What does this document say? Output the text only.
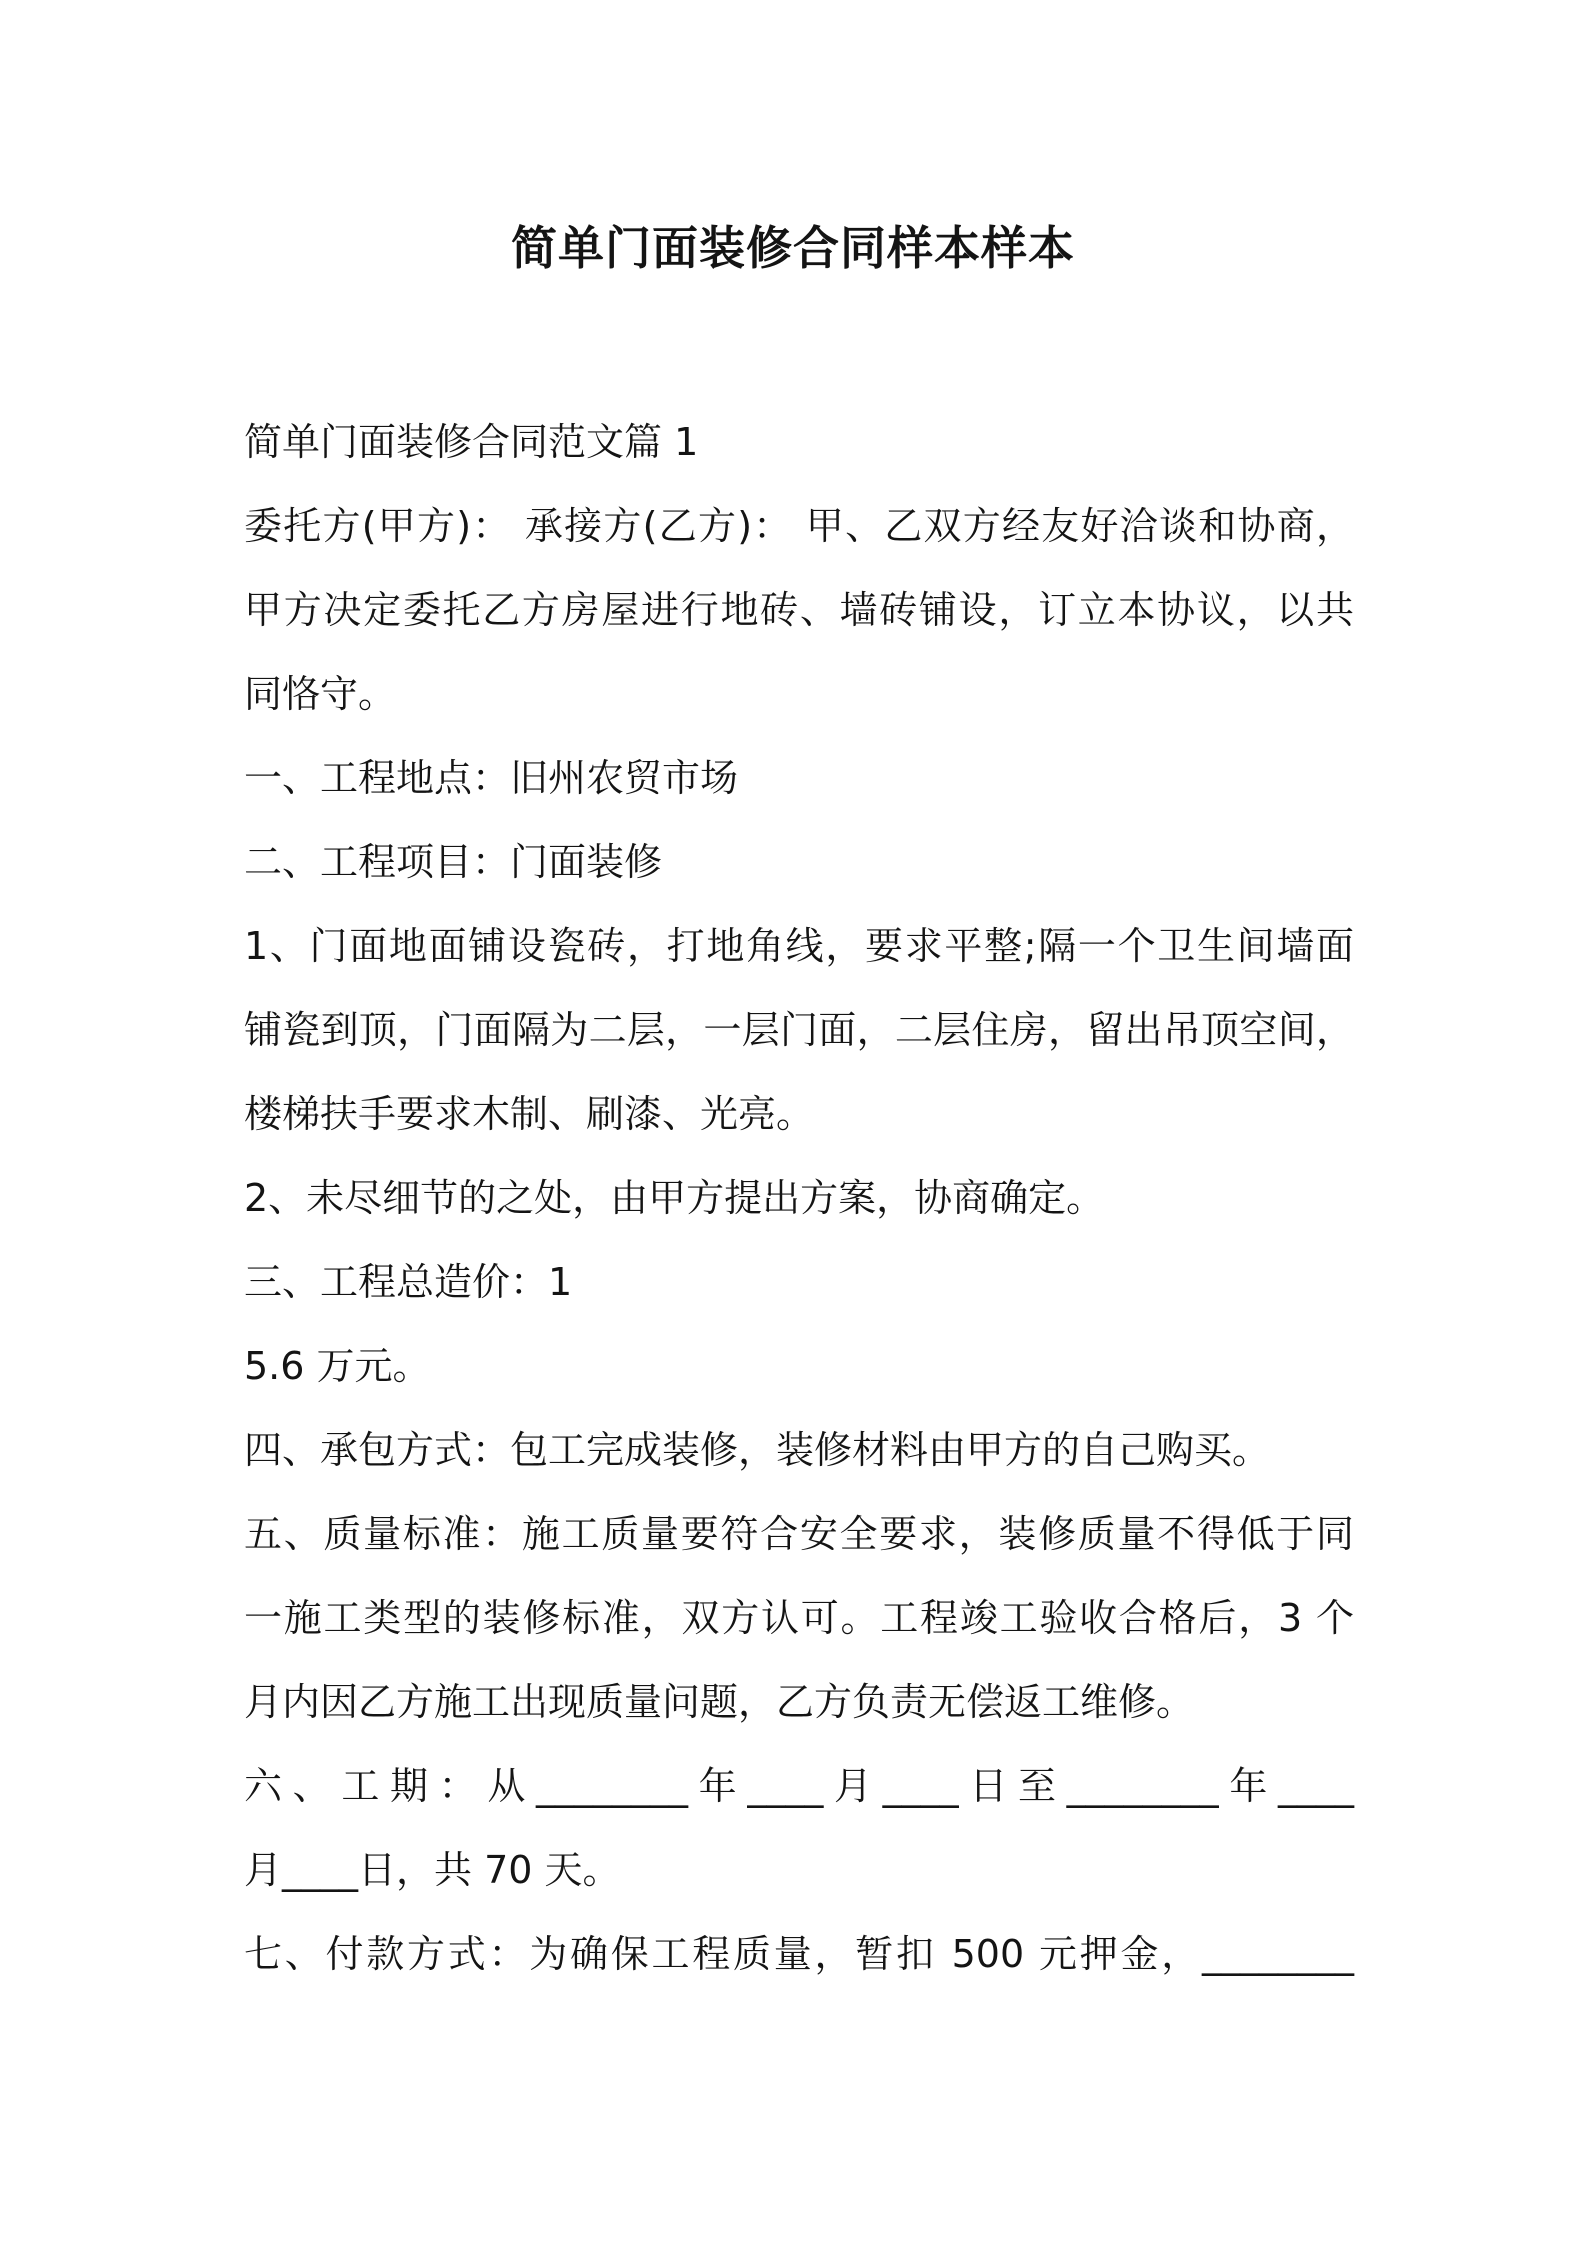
简单门面装修合同样本样本

简单门面装修合同范文篇 1

委托方(甲方)： 承接方(乙方)： 甲、乙双方经友好洽谈和协商，

甲方决定委托乙方房屋进行地砖、墙砖铺设，订立本协议，以共

同恪守。

一、工程地点：旧州农贸市场

二、工程项目：门面装修

1、门面地面铺设瓷砖，打地角线，要求平整;隔一个卫生间墙面

铺瓷到顶，门面隔为二层，一层门面，二层住房，留出吊顶空间，

楼梯扶手要求木制、刷漆、光亮。

2、未尽细节的之处，由甲方提出方案，协商确定。

三、工程总造价：1

5.6 万元。

四、承包方式：包工完成装修，装修材料由甲方的自己购买。

五、质量标准：施工质量要符合安全要求，装修质量不得低于同

一施工类型的装修标准，双方认可。工程竣工验收合格后，3 个

月内因乙方施工出现质量问题，乙方负责无偿返工维修。

六、工期：从________年____月____日至________年____

月____日，共 70 天。

七、付款方式：为确保工程质量，暂扣 500 元押金，________
